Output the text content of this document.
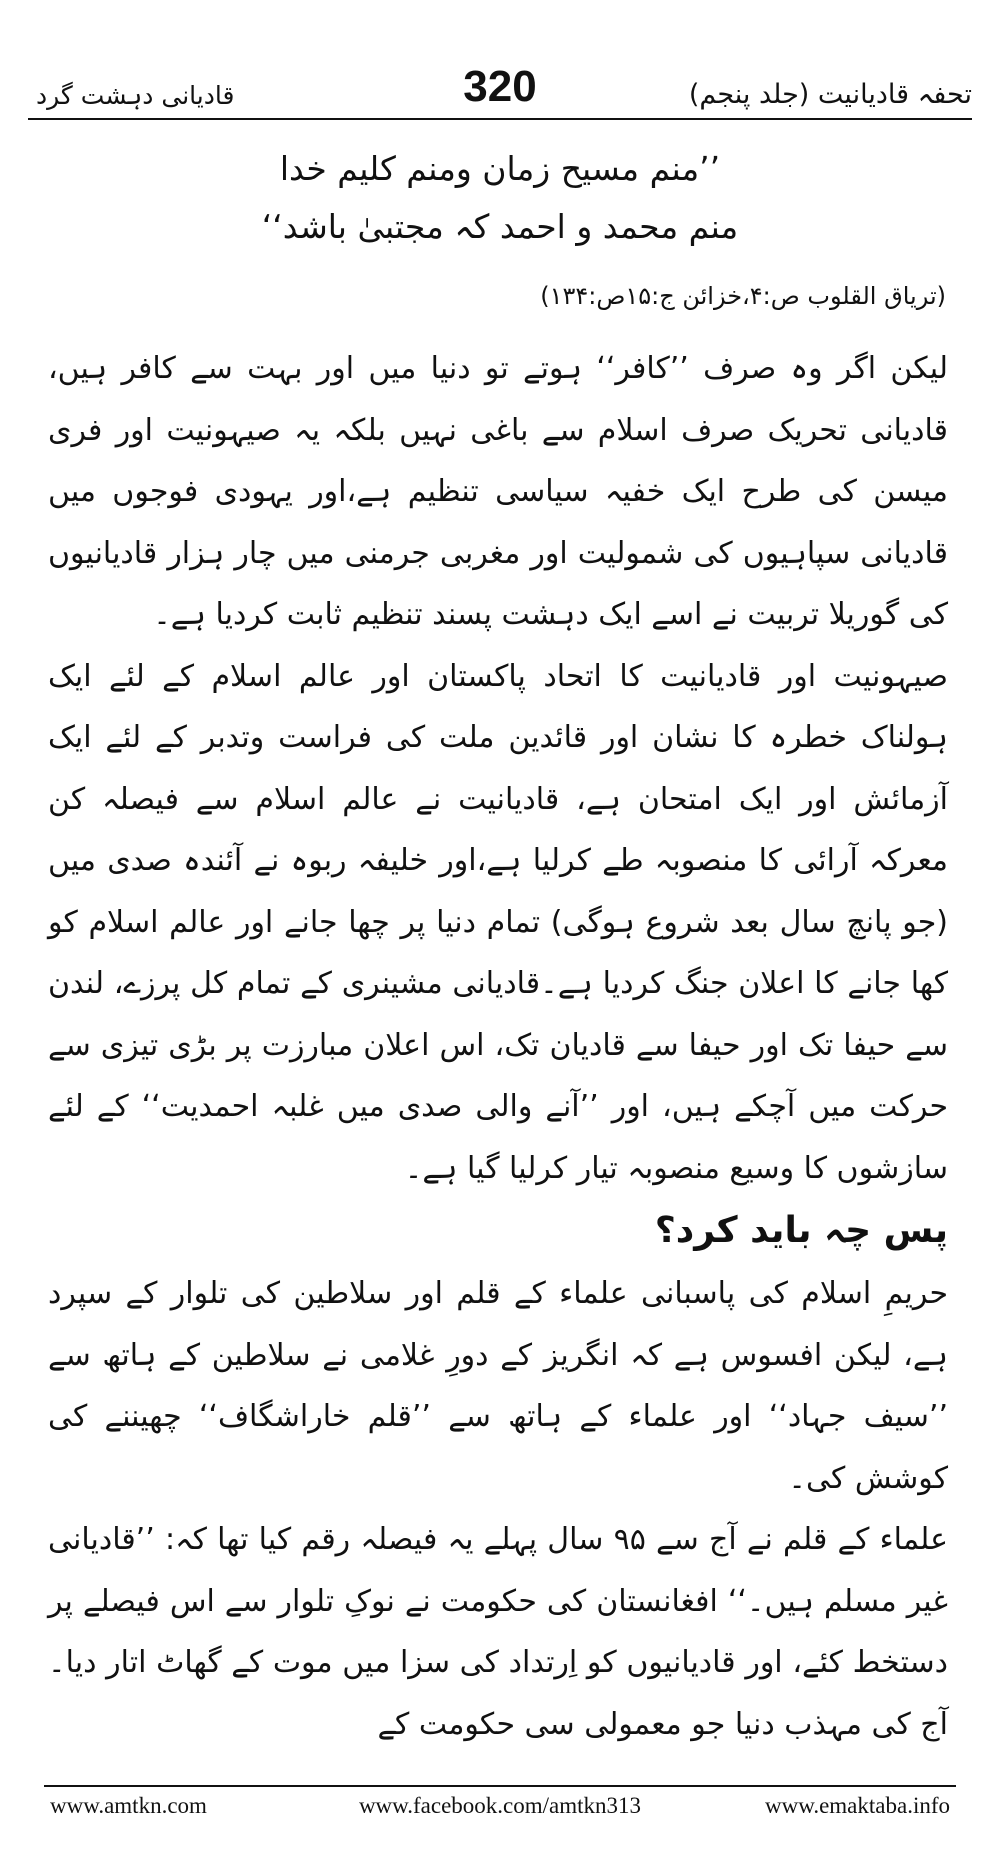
تحفہ قادیانیت (جلد پنجم)
320
قادیانی دہشت گرد
’’منم مسیح زمان ومنم کلیم خدا
منم محمد و احمد کہ مجتبیٰ باشد‘‘
(تریاق القلوب ص:۴،خزائن ج:۱۵ص:۱۳۴)

لیکن اگر وہ صرف ’’کافر‘‘ ہوتے تو دنیا میں اور بہت سے کافر ہیں، قادیانی تحریک صرف اسلام سے باغی نہیں بلکہ یہ صیہونیت اور فری میسن کی طرح ایک خفیہ سیاسی تنظیم ہے،اور یہودی فوجوں میں قادیانی سپاہیوں کی شمولیت اور مغربی جرمنی میں چار ہزار قادیانیوں کی گوریلا تربیت نے اسے ایک دہشت پسند تنظیم ثابت کردیا ہے۔

صیہونیت اور قادیانیت کا اتحاد پاکستان اور عالم اسلام کے لئے ایک ہولناک خطرہ کا نشان اور قائدین ملت کی فراست وتدبر کے لئے ایک آزمائش اور ایک امتحان ہے، قادیانیت نے عالم اسلام سے فیصلہ کن معرکہ آرائی کا منصوبہ طے کرلیا ہے،اور خلیفہ ربوہ نے آئندہ صدی میں (جو پانچ سال بعد شروع ہوگی) تمام دنیا پر چھا جانے اور عالم اسلام کو کھا جانے کا اعلان جنگ کردیا ہے۔قادیانی مشینری کے تمام کل پرزے، لندن سے حیفا تک اور حیفا سے قادیان تک، اس اعلان مبارزت پر بڑی تیزی سے حرکت میں آچکے ہیں، اور ’’آنے والی صدی میں غلبہ احمدیت‘‘ کے لئے سازشوں کا وسیع منصوبہ تیار کرلیا گیا ہے۔

پس چہ باید کرد؟

حریمِ اسلام کی پاسبانی علماء کے قلم اور سلاطین کی تلوار کے سپرد ہے، لیکن افسوس ہے کہ انگریز کے دورِ غلامی نے سلاطین کے ہاتھ سے ’’سیف جہاد‘‘ اور علماء کے ہاتھ سے ’’قلم خاراشگاف‘‘ چھیننے کی کوشش کی۔

علماء کے قلم نے آج سے ۹۵ سال پہلے یہ فیصلہ رقم کیا تھا کہ: ’’قادیانی غیر مسلم ہیں۔‘‘ افغانستان کی حکومت نے نوکِ تلوار سے اس فیصلے پر دستخط کئے، اور قادیانیوں کو اِرتداد کی سزا میں موت کے گھاٹ اتار دیا۔آج کی مہذب دنیا جو معمولی سی حکومت کے

www.amtkn.com	www.facebook.com/amtkn313	www.emaktaba.info
